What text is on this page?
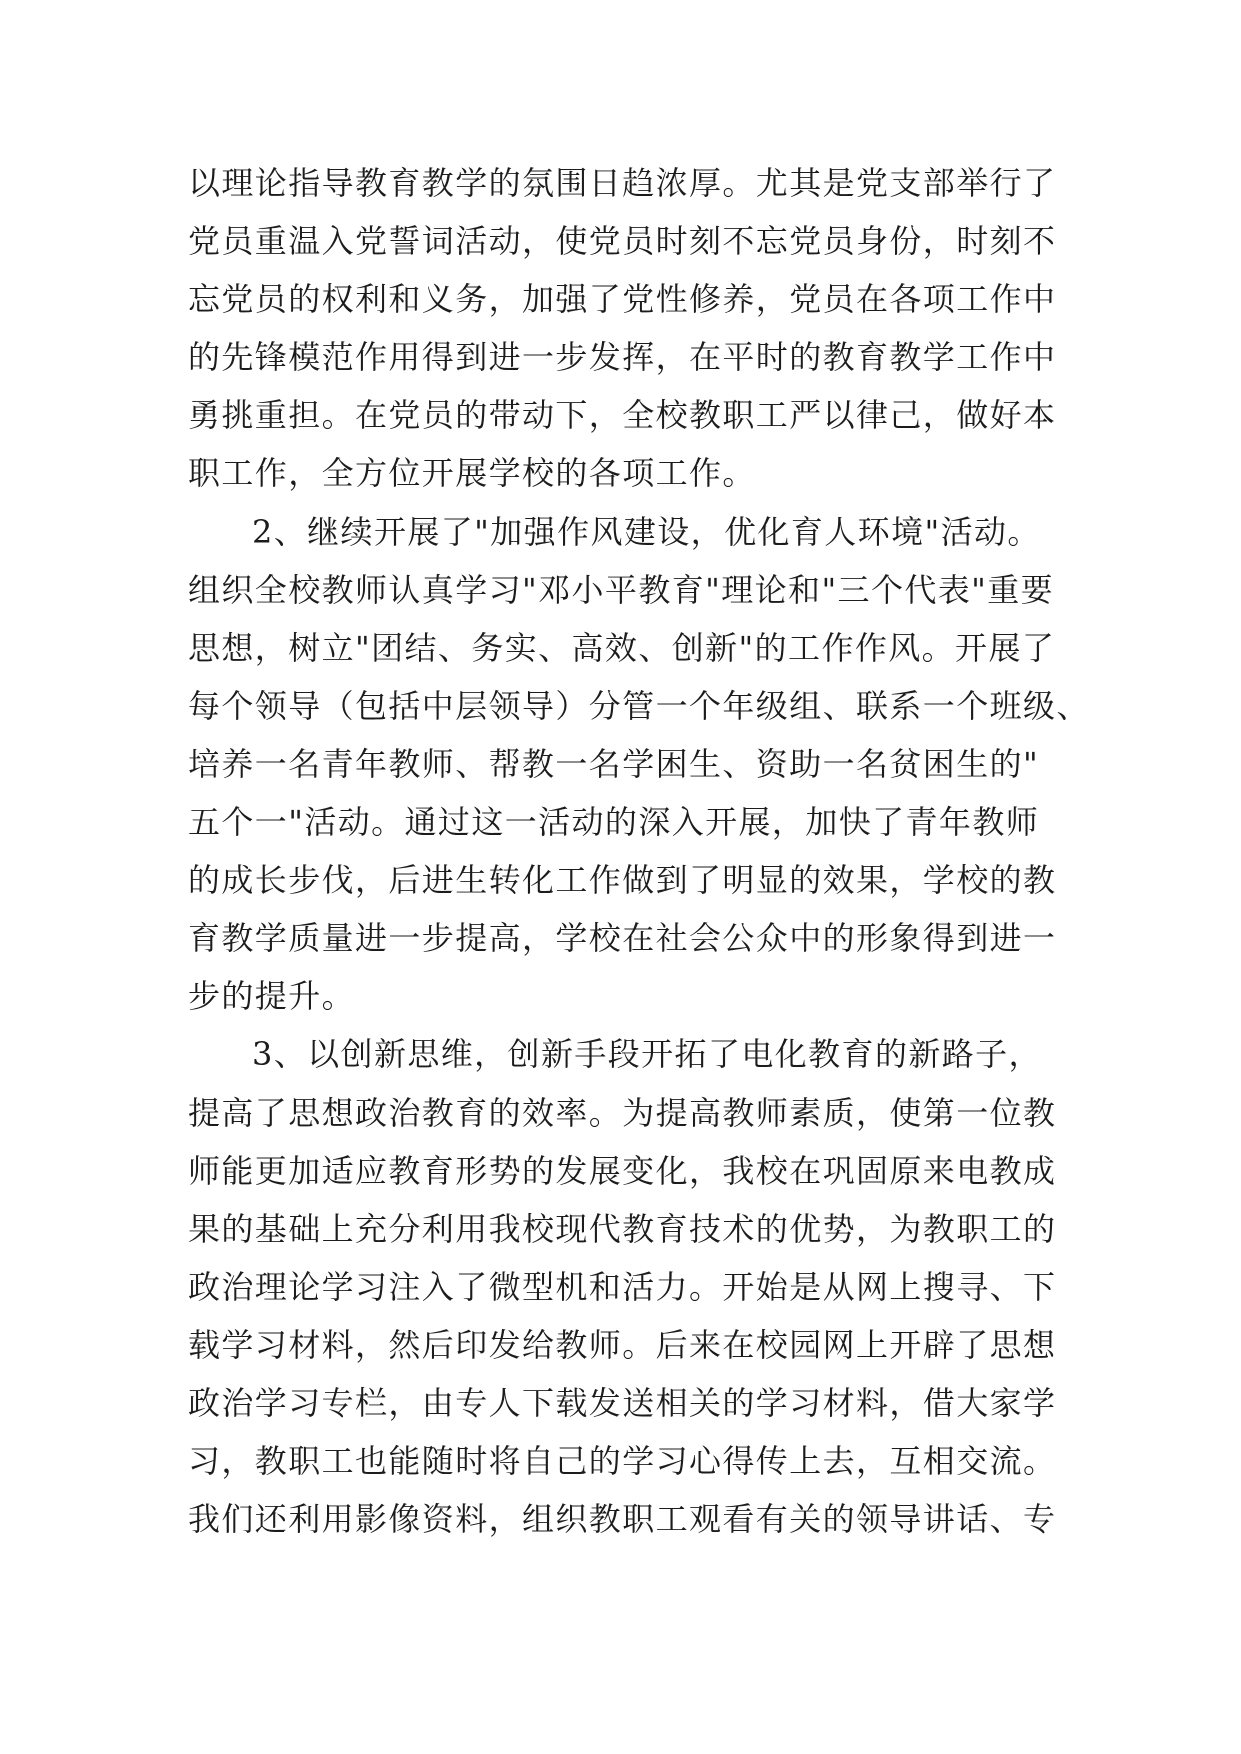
以理论指导教育教学的氛围日趋浓厚。尤其是党支部举行了
党员重温入党誓词活动，使党员时刻不忘党员身份，时刻不
忘党员的权利和义务，加强了党性修养，党员在各项工作中
的先锋模范作用得到进一步发挥，在平时的教育教学工作中
勇挑重担。在党员的带动下，全校教职工严以律己，做好本
职工作，全方位开展学校的各项工作。
2、继续开展了"加强作风建设，优化育人环境"活动。
组织全校教师认真学习"邓小平教育"理论和"三个代表"重要
思想，树立"团结、务实、高效、创新"的工作作风。开展了
每个领导（包括中层领导）分管一个年级组、联系一个班级、
培养一名青年教师、帮教一名学困生、资助一名贫困生的"
五个一"活动。通过这一活动的深入开展，加快了青年教师
的成长步伐，后进生转化工作做到了明显的效果，学校的教
育教学质量进一步提高，学校在社会公众中的形象得到进一
步的提升。
3、以创新思维，创新手段开拓了电化教育的新路子，
提高了思想政治教育的效率。为提高教师素质，使第一位教
师能更加适应教育形势的发展变化，我校在巩固原来电教成
果的基础上充分利用我校现代教育技术的优势，为教职工的
政治理论学习注入了微型机和活力。开始是从网上搜寻、下
载学习材料，然后印发给教师。后来在校园网上开辟了思想
政治学习专栏，由专人下载发送相关的学习材料，借大家学
习，教职工也能随时将自己的学习心得传上去，互相交流。
我们还利用影像资料，组织教职工观看有关的领导讲话、专
